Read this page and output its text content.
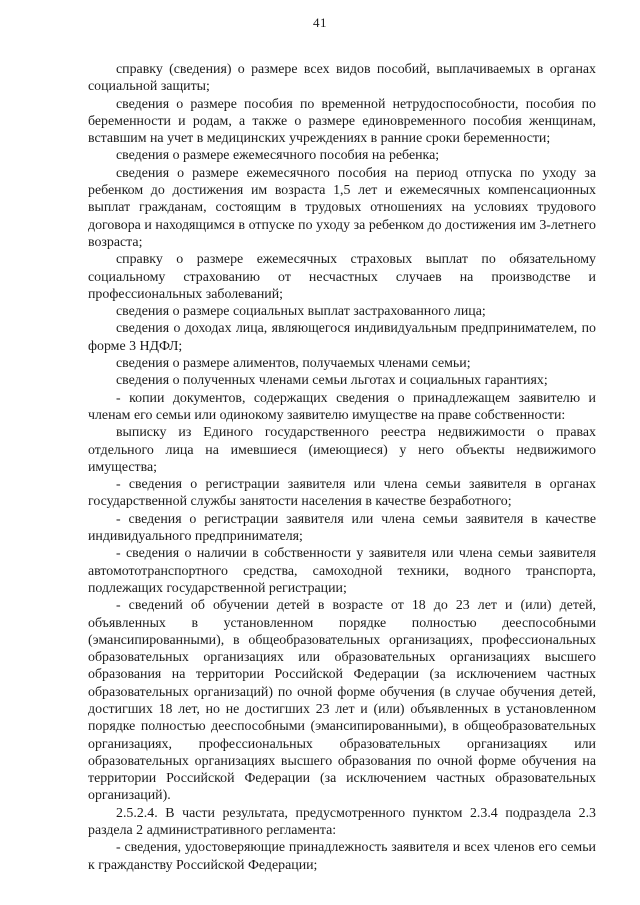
41

справку (сведения) о размере всех видов пособий, выплачиваемых в органах социальной защиты;

сведения о размере пособия по временной нетрудоспособности, пособия по беременности и родам, а также о размере единовременного пособия женщинам, вставшим на учет в медицинских учреждениях в ранние сроки беременности;

сведения о размере ежемесячного пособия на ребенка;

сведения о размере ежемесячного пособия на период отпуска по уходу за ребенком до достижения им возраста 1,5 лет и ежемесячных компенсационных выплат гражданам, состоящим в трудовых отношениях на условиях трудового договора и находящимся в отпуске по уходу за ребенком до достижения им 3-летнего возраста;

справку о размере ежемесячных страховых выплат по обязательному социальному страхованию от несчастных случаев на производстве и профессиональных заболеваний;

сведения о размере социальных выплат застрахованного лица;

сведения о доходах лица, являющегося индивидуальным предпринимателем, по форме 3 НДФЛ;

сведения о размере алиментов, получаемых членами семьи;

сведения о полученных членами семьи льготах и социальных гарантиях;

- копии документов, содержащих сведения о принадлежащем заявителю и членам его семьи или одинокому заявителю имуществе на праве собственности:

выписку из Единого государственного реестра недвижимости о правах отдельного лица на имевшиеся (имеющиеся) у него объекты недвижимого имущества;

- сведения о регистрации заявителя или члена семьи заявителя в органах государственной службы занятости населения в качестве безработного;

- сведения о регистрации заявителя или члена семьи заявителя в качестве индивидуального предпринимателя;

- сведения о наличии в собственности у заявителя или члена семьи заявителя автомототранспортного средства, самоходной техники, водного транспорта, подлежащих государственной регистрации;

- сведений об обучении детей в возрасте от 18 до 23 лет и (или) детей, объявленных в установленном порядке полностью дееспособными (эмансипированными), в общеобразовательных организациях, профессиональных образовательных организациях или образовательных организациях высшего образования на территории Российской Федерации (за исключением частных образовательных организаций) по очной форме обучения (в случае обучения детей, достигших 18 лет, но не достигших 23 лет и (или) объявленных в установленном порядке полностью дееспособными (эмансипированными), в общеобразовательных организациях, профессиональных образовательных организациях или образовательных организациях высшего образования по очной форме обучения на территории Российской Федерации (за исключением частных образовательных организаций).

2.5.2.4. В части результата, предусмотренного пунктом 2.3.4 подраздела 2.3 раздела 2 административного регламента:

- сведения, удостоверяющие принадлежность заявителя и всех членов его семьи к гражданству Российской Федерации;
